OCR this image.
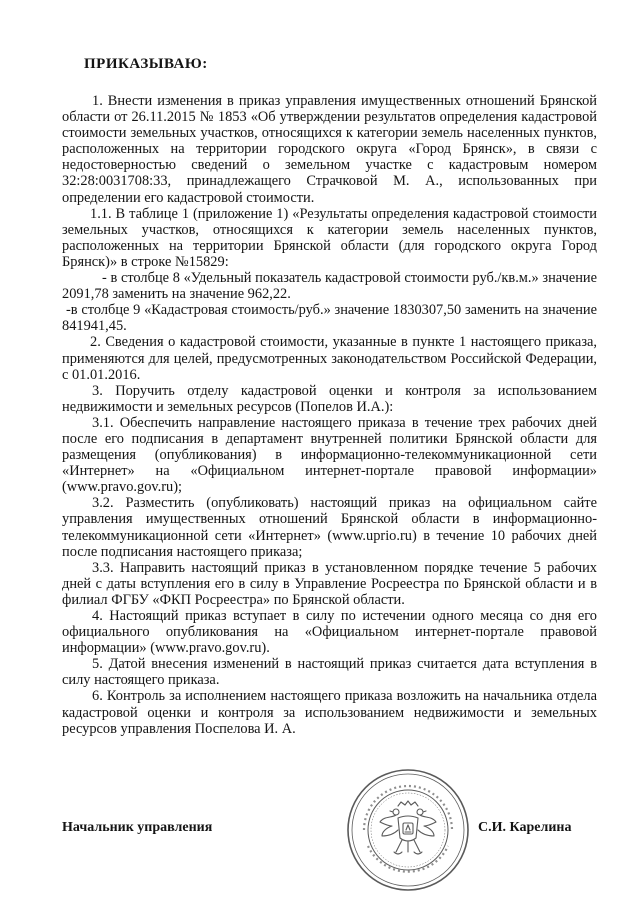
ПРИКАЗЫВАЮ:

1. Внести изменения в приказ управления имущественных отношений Брянской области от 26.11.2015 № 1853 «Об утверждении результатов определения кадастровой стоимости земельных участков, относящихся к категории земель населенных пунктов, расположенных на территории городского округа «Город Брянск», в связи с недостоверностью сведений о земельном участке с кадастровым номером 32:28:0031708:33, принадлежащего Страчковой М. А., использованных при определении его кадастровой стоимости.

1.1. В таблице 1 (приложение 1) «Результаты определения кадастровой стоимости земельных участков, относящихся к категории земель населенных пунктов, расположенных на территории Брянской области (для городского округа Город Брянск)» в строке №15829:

- в столбце 8 «Удельный показатель кадастровой стоимости руб./кв.м.» значение 2091,78 заменить на значение 962,22.

-в столбце 9 «Кадастровая стоимость/руб.» значение 1830307,50 заменить на значение 841941,45.

2. Сведения о кадастровой стоимости, указанные в пункте 1 настоящего приказа, применяются для целей, предусмотренных законодательством Российской Федерации, с 01.01.2016.

3. Поручить отделу кадастровой оценки и контроля за использованием недвижимости и земельных ресурсов (Попелов И.А.):

3.1. Обеспечить направление настоящего приказа в течение трех рабочих дней после его подписания в департамент внутренней политики Брянской области для размещения (опубликования) в информационно-телекоммуникационной сети «Интернет» на «Официальном интернет-портале правовой информации» (www.pravo.gov.ru);

3.2. Разместить (опубликовать) настоящий приказ на официальном сайте управления имущественных отношений Брянской области в информационно-телекоммуникационной сети «Интернет» (www.uprio.ru) в течение 10 рабочих дней после подписания настоящего приказа;

3.3. Направить настоящий приказ в установленном порядке течение 5 рабочих дней с даты вступления его в силу в Управление Росреестра по Брянской области и в филиал ФГБУ «ФКП Росреестра» по Брянской области.

4. Настоящий приказ вступает в силу по истечении одного месяца со дня его официального опубликования на «Официальном интернет-портале правовой информации» (www.pravo.gov.ru).

5. Датой внесения изменений в настоящий приказ считается дата вступления в силу настоящего приказа.

6. Контроль за исполнением настоящего приказа возложить на начальника отдела кадастровой оценки и контроля за использованием недвижимости и земельных ресурсов управления Поспелова И. А.

Начальник управления	С.И. Карелина
